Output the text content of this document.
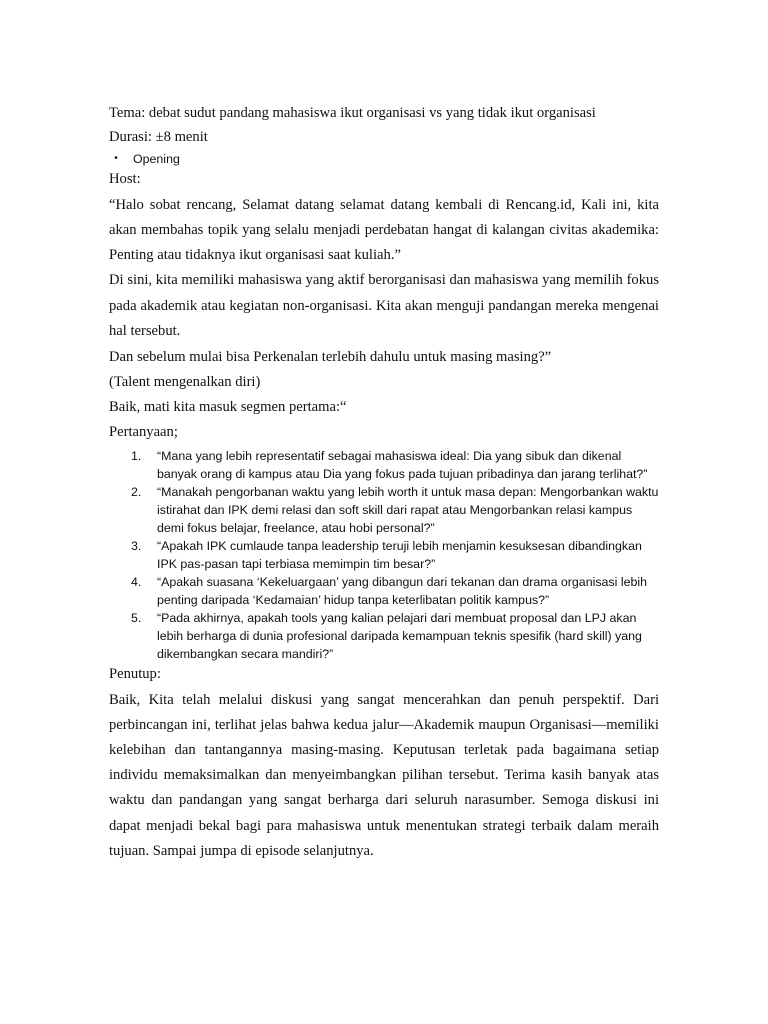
Tema: debat sudut pandang mahasiswa ikut organisasi vs yang tidak ikut organisasi

Durasi: ±8 menit

•	Opening

Host:

“Halo sobat rencang, Selamat datang selamat datang kembali di Rencang.id, Kali ini, kita akan membahas topik yang selalu menjadi perdebatan hangat di kalangan civitas akademika: Penting atau tidaknya ikut organisasi saat kuliah.”

Di sini, kita memiliki mahasiswa yang aktif berorganisasi dan mahasiswa yang memilih fokus pada akademik atau kegiatan non-organisasi. Kita akan menguji pandangan mereka mengenai hal tersebut.

Dan sebelum mulai bisa Perkenalan terlebih dahulu untuk masing masing?”

(Talent mengenalkan diri)

Baik, mati kita masuk segmen pertama:“

Pertanyaan;

1. “Mana yang lebih representatif sebagai mahasiswa ideal: Dia yang sibuk dan dikenal banyak orang di kampus atau Dia yang fokus pada tujuan pribadinya dan jarang terlihat?”
2. “Manakah pengorbanan waktu yang lebih worth it untuk masa depan: Mengorbankan waktu istirahat dan IPK demi relasi dan soft skill dari rapat atau Mengorbankan relasi kampus demi fokus belajar, freelance, atau hobi personal?”
3. “Apakah IPK cumlaude tanpa leadership teruji lebih menjamin kesuksesan dibandingkan IPK pas-pasan tapi terbiasa memimpin tim besar?”
4. “Apakah suasana ‘Kekeluargaan’ yang dibangun dari tekanan dan drama organisasi lebih penting daripada ‘Kedamaian’ hidup tanpa keterlibatan politik kampus?”
5. “Pada akhirnya, apakah tools yang kalian pelajari dari membuat proposal dan LPJ akan lebih berharga di dunia profesional daripada kemampuan teknis spesifik (hard skill) yang dikembangkan secara mandiri?”

Penutup:

Baik, Kita telah melalui diskusi yang sangat mencerahkan dan penuh perspektif. Dari perbincangan ini, terlihat jelas bahwa kedua jalur—Akademik maupun Organisasi—memiliki kelebihan dan tantangannya masing-masing. Keputusan terletak pada bagaimana setiap individu memaksimalkan dan menyeimbangkan pilihan tersebut. Terima kasih banyak atas waktu dan pandangan yang sangat berharga dari seluruh narasumber. Semoga diskusi ini dapat menjadi bekal bagi para mahasiswa untuk menentukan strategi terbaik dalam meraih tujuan. Sampai jumpa di episode selanjutnya.
